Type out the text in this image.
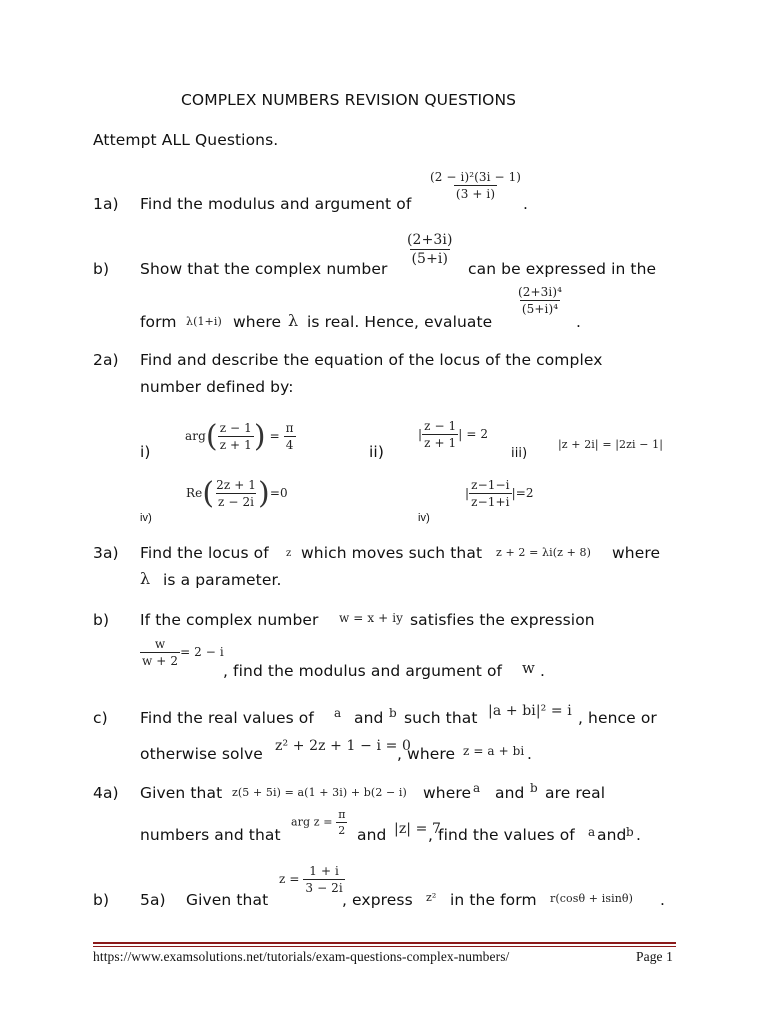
COMPLEX NUMBERS REVISION QUESTIONS
Attempt ALL Questions.
1a) Find the modulus and argument of
$\frac{\text{(2 − i)²(3i − 1)}}{(3 + i)}$
.
b) Show that the complex number
$\frac{(2+3i)}{(5+i)}$
can be expressed in the
form λ(1+i) where λ is real. Hence, evaluate
$\frac{\text{(2+3i)⁴}}{\text{(5+i)⁴}}$
.
2a) Find and describe the equation of the locus of the complex
number defined by:
i)
$arg( \frac{z - 1}{z + 1}$ ) = $\frac{\pi}{4}$	ii)
| $\frac{z - 1}{z + 1}$ | = 2
iii)
|z + 2i| = |2zi − 1|
iv)
$Re( \frac{2z + 1}{z - 2i} )=0$
iv)
| $\frac{z-1-i}{z-1+i} |=2$
3a) Find the locus of z which moves such that z + 2 = λi(z + 8) where
λ is a parameter.
b) If the complex number w = x + iy satisfies the expression
$\frac{w}{w + 2} = 2 - i$
, find the modulus and argument of w .
c) Find the real values of a and b such that |a + bi|² = i , hence or
otherwise solve z² + 2z + 1 − i = 0
, where z = a + bi .
4a) Given that z(5 + 5i) = a(1 + 3i) + b(2 − i) where a and b are real
numbers and that
arg $z = \frac{\pi}{2}$ and |z| = 7
, find the values of a and b .
b) 5a) Given that
$z = \frac{1 + i}{3 - 2i}$
, express z² in the form r(cosθ + isinθ) .
https://www.examsolutions.net/tutorials/exam-questions-complex-numbers/	Page 1
